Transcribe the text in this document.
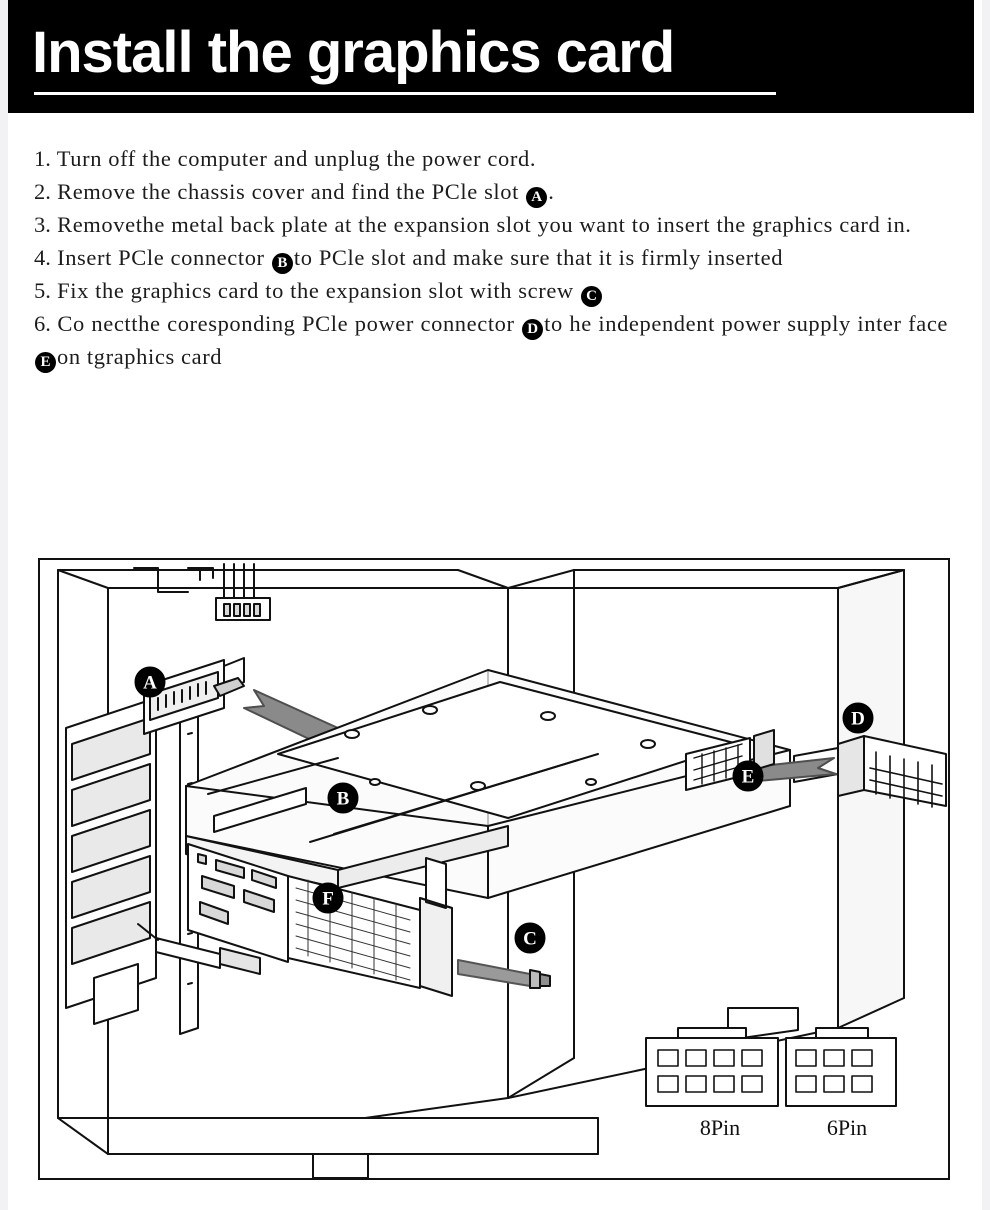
Install the graphics card
1. Turn off the computer and unplug the power cord.
2. Remove the chassis cover and find the PCle slot A .
3. Removethe metal back plate at the expansion slot you want to insert the graphics card in.
4. Insert PCle connector B to PCle slot and make sure that it is firmly inserted
5. Fix the graphics card to the expansion slot with screw C
6. Co nectthe coresponding PCle power connector D to he independent power supply inter face E on tgraphics card
A
B
C
D
E
F
8Pin	6Pin
